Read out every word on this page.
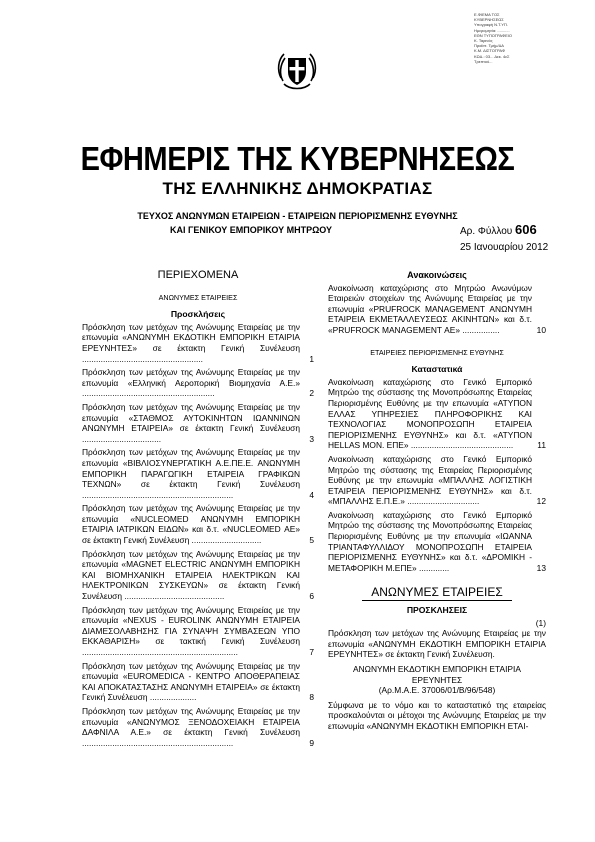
Ε.ΦΙΕΜΑ ΤΟΣ
ΚΥΒΕΡΝΗΣΕΩΣ
Υπογραφή Ν.Τ.ΥΠ.
Ημερομηνία: ...........
ΕΘΝ ΤΥΠΟΓΡΑΦΕΙΟ
Κ. Ταρινάς
Προϊστ. Τμήμ/ΔΑ
Κ.Μ. ΔΙΣΤΟΓΡΑΦ
ΚΩΔ.: 03... Δεκ. 4εΣ
Τρεπτού...
ΕΦΗΜΕΡΙΣ ΤΗΣ ΚΥΒΕΡΝΗΣΕΩΣ
ΤΗΣ ΕΛΛΗΝΙΚΗΣ ΔΗΜΟΚΡΑΤΙΑΣ
ΤΕΥΧΟΣ ΑΝΩΝΥΜΩΝ ΕΤΑΙΡΕΙΩΝ - ΕΤΑΙΡΕΙΩΝ ΠΕΡΙΟΡΙΣΜΕΝΗΣ ΕΥΘΥΝΗΣ
ΚΑΙ ΓΕΝΙΚΟΥ ΕΜΠΟΡΙΚΟΥ ΜΗΤΡΩΟΥ	Αρ. Φύλλου 606
25 Ιανουαρίου 2012
ΠΕΡΙΕΧΟΜΕΝΑ
ΑΝΩΝΥΜΕΣ ΕΤΑΙΡΕΙΕΣ
Προσκλήσεις
Πρόσκληση των μετόχων της Ανώνυμης Εταιρείας με την επωνυμία «ΑΝΩΝΥΜΗ ΕΚΔΟΤΙΚΗ ΕΜΠΟΡΙΚΗ ΕΤΑΙΡΙΑ ΕΡΕΥΝΗΤΕΣ» σε έκτακτη Γενική Συνέλευση ....................................................	1
Πρόσκληση των μετόχων της Ανώνυμης Εταιρείας με την επωνυμία «Ελληνική Αεροπορική Βιομηχανία Α.Ε.» .........................................................	2
Πρόσκληση των μετόχων της Ανώνυμης Εταιρείας με την επωνυμία «ΣΤΑΘΜΟΣ ΑΥΤΟΚΙΝΗΤΩΝ ΙΩΑΝΝΙΝΩΝ ΑΝΩΝΥΜΗ ΕΤΑΙΡΕΙΑ» σε έκτακτη Γενική Συνέλευση ..................................	3
Πρόσκληση των μετόχων της Ανώνυμης Εταιρείας με την επωνυμία «ΒΙΒΛΙΟΣΥΝΕΡΓΑΤΙΚΗ Α.Ε.ΠΕ.Ε. ΑΝΩΝΥΜΗ ΕΜΠΟΡΙΚΗ ΠΑΡΑΓΩΓΙΚΗ ΕΤΑΙΡΕΙΑ ΓΡΑΦΙΚΩΝ ΤΕΧΝΩΝ» σε έκτακτη Γενική Συνέλευση .................................................................	4
Πρόσκληση των μετόχων της Ανώνυμης Εταιρείας με την επωνυμία «NUCLEOMED ΑΝΩΝΥΜΗ ΕΜΠΟΡΙΚΗ ΕΤΑΙΡΙΑ ΙΑΤΡΙΚΩΝ ΕΙΔΩΝ» και δ.τ. «NUCLEOMED ΑΕ» σε έκτακτη Γενική Συνέλευση ..............................	5
Πρόσκληση των μετόχων της Ανώνυμης Εταιρείας με την επωνυμία «MAGNET ELECTRIC ΑΝΩΝΥΜΗ ΕΜΠΟΡΙΚΗ ΚΑΙ ΒΙΟΜΗΧΑΝΙΚΗ ΕΤΑΙΡΕΙΑ ΗΛΕΚΤΡΙΚΩΝ ΚΑΙ ΗΛΕΚΤΡΟΝΙΚΩΝ ΣΥΣΚΕΥΩΝ» σε έκτακτη Γενική Συνέλευση ...........................................	6
Πρόσκληση των μετόχων της Ανώνυμης Εταιρείας με την επωνυμία «NEXUS - EUROLINK ΑΝΩΝΥΜΗ ΕΤΑΙΡΕΙΑ ΔΙΑΜΕΣΟΛΑΒΗΣΗΣ ΓΙΑ ΣΥΝΑΨΗ ΣΥΜΒΑΣΕΩΝ ΥΠΟ ΕΚΚΑΘΑΡΙΣΗ» σε τακτική Γενική Συνέλευση ...................................................................	7
Πρόσκληση των μετόχων της Ανώνυμης Εταιρείας με την επωνυμία «EUROMEDICA - ΚΕΝΤΡΟ ΑΠΟΘΕΡΑΠΕΙΑΣ ΚΑΙ ΑΠΟΚΑΤΑΣΤΑΣΗΣ ΑΝΩΝΥΜΗ ΕΤΑΙΡΕΙΑ» σε έκτακτη Γενική Συνέλευση ....................	8
Πρόσκληση των μετόχων της Ανώνυμης Εταιρείας με την επωνυμία «ΑΝΩΝΥΜΟΣ ΞΕΝΟΔΟΧΕΙΑΚΗ ΕΤΑΙΡΕΙΑ ΔΑΦΝΙΛΑ Α.Ε.» σε έκτακτη Γενική Συνέλευση .................................................................	9
Ανακοινώσεις
Ανακοίνωση καταχώρισης στο Μητρώο Ανωνύμων Εταιρειών στοιχείων της Ανώνυμης Εταιρείας με την επωνυμία «PRUFROCK MANAGEMENT ΑΝΩΝΥΜΗ ΕΤΑΙΡΕΙΑ ΕΚΜΕΤΑΛΛΕΥΣΕΩΣ ΑΚΙΝΗΤΩΝ» και δ.τ. «PRUFROCK MANAGEMENT ΑΕ» ................	10
ΕΤΑΙΡΕΙΕΣ ΠΕΡΙΟΡΙΣΜΕΝΗΣ ΕΥΘΥΝΗΣ
Καταστατικά
Ανακοίνωση καταχώρισης στο Γενικό Εμπορικό Μητρώο της σύστασης της Μονοπρόσωπης Εταιρείας Περιορισμένης Ευθύνης με την επωνυμία «ΑΤΥΠΟΝ ΕΛΛΑΣ ΥΠΗΡΕΣΙΕΣ ΠΛΗΡΟΦΟΡΙΚΗΣ ΚΑΙ ΤΕΧΝΟΛΟΓΙΑΣ ΜΟΝΟΠΡΟΣΩΠΗ ΕΤΑΙΡΕΙΑ ΠΕΡΙΟΡΙΣΜΕΝΗΣ ΕΥΘΥΝΗΣ» και δ.τ. «ΑΤΥΠΟΝ HELLAS ΜΟΝ. ΕΠΕ» ............................................	11
Ανακοίνωση καταχώρισης στο Γενικό Εμπορικό Μητρώο της σύστασης της Εταιρείας Περιορισμένης Ευθύνης με την επωνυμία «ΜΠΑΛΛΗΣ ΛΟΓΙΣΤΙΚΗ ΕΤΑΙΡΕΙΑ ΠΕΡΙΟΡΙΣΜΕΝΗΣ ΕΥΘΥΝΗΣ» και δ.τ. «ΜΠΑΛΛΗΣ Ε.Π.Ε.» ...............................	12
Ανακοίνωση καταχώρισης στο Γενικό Εμπορικό Μητρώο της σύστασης της Μονοπρόσωπης Εταιρείας Περιορισμένης Ευθύνης με την επωνυμία «ΙΩΑΝΝΑ ΤΡΙΑΝΤΑΦΥΛΛΙΔΟΥ ΜΟΝΟΠΡΟΣΩΠΗ ΕΤΑΙΡΕΙΑ ΠΕΡΙΟΡΙΣΜΕΝΗΣ ΕΥΘΥΝΗΣ» και δ.τ. «ΔΡΟΜΙΚΗ - ΜΕΤΑΦΟΡΙΚΗ Μ.ΕΠΕ» .............	13
ΑΝΩΝΥΜΕΣ ΕΤΑΙΡΕΙΕΣ
ΠΡΟΣΚΛΗΣΕΙΣ
(1)
Πρόσκληση των μετόχων της Ανώνυμης Εταιρείας με την επωνυμία «ΑΝΩΝΥΜΗ ΕΚΔΟΤΙΚΗ ΕΜΠΟΡΙΚΗ ΕΤΑΙΡΙΑ ΕΡΕΥΝΗΤΕΣ» σε έκτακτη Γενική Συνέλευση.
ΑΝΩΝΥΜΗ ΕΚΔΟΤΙΚΗ ΕΜΠΟΡΙΚΗ ΕΤΑΙΡΙΑ ΕΡΕΥΝΗΤΕΣ
(Αρ.Μ.Α.Ε. 37006/01/Β/96/548)
Σύμφωνα με το νόμο και το καταστατικό της εταιρείας προσκαλούνται οι μέτοχοι της Ανώνυμης Εταιρείας με την επωνυμία «ΑΝΩΝΥΜΗ ΕΚΔΟΤΙΚΗ ΕΜΠΟΡΙΚΗ ΕΤΑΙ-
